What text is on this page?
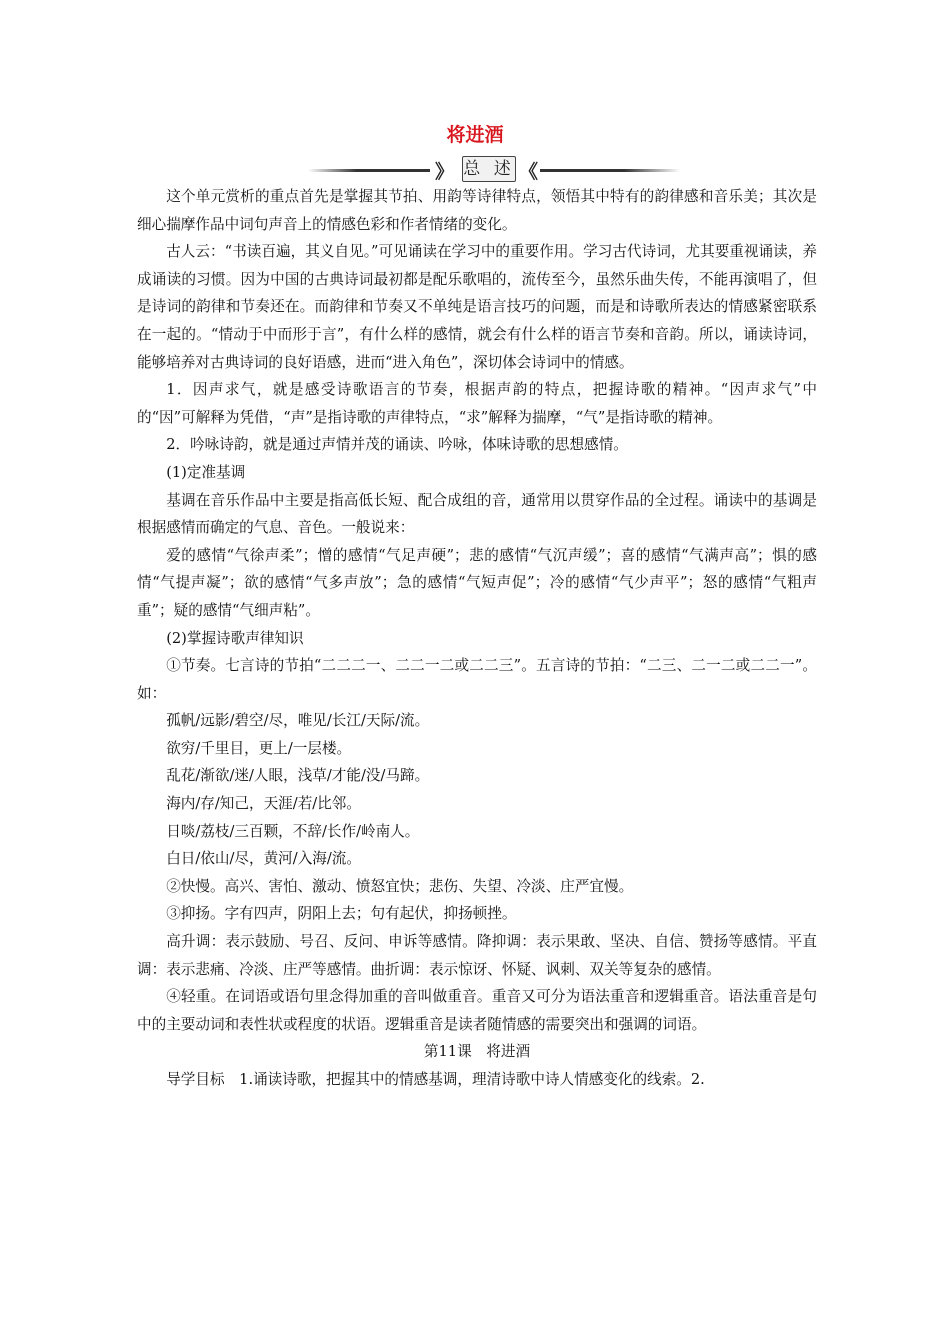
将进酒
》 总 述 《

这个单元赏析的重点首先是掌握其节拍、用韵等诗律特点，领悟其中特有的韵律感和音乐美；其次是细心揣摩作品中词句声音上的情感色彩和作者情绪的变化。

古人云：“书读百遍，其义自见。”可见诵读在学习中的重要作用。学习古代诗词，尤其要重视诵读，养成诵读的习惯。因为中国的古典诗词最初都是配乐歌唱的，流传至今，虽然乐曲失传，不能再演唱了，但是诗词的韵律和节奏还在。而韵律和节奏又不单纯是语言技巧的问题，而是和诗歌所表达的情感紧密联系在一起的。“情动于中而形于言”，有什么样的感情，就会有什么样的语言节奏和音韵。所以，诵读诗词，能够培养对古典诗词的良好语感，进而“进入角色”，深切体会诗词中的情感。

1．因声求气，就是感受诗歌语言的节奏，根据声韵的特点，把握诗歌的精神。“因声求气”中的“因”可解释为凭借，“声”是指诗歌的声律特点，“求”解释为揣摩，“气”是指诗歌的精神。

2．吟咏诗韵，就是通过声情并茂的诵读、吟咏，体味诗歌的思想感情。

(1)定准基调

基调在音乐作品中主要是指高低长短、配合成组的音，通常用以贯穿作品的全过程。诵读中的基调是根据感情而确定的气息、音色。一般说来：

爱的感情“气徐声柔”；憎的感情“气足声硬”；悲的感情“气沉声缓”；喜的感情“气满声高”；惧的感情“气提声凝”；欲的感情“气多声放”；急的感情“气短声促”；冷的感情“气少声平”；怒的感情“气粗声重”；疑的感情“气细声粘”。

(2)掌握诗歌声律知识

①节奏。七言诗的节拍“二二二一、二二一二或二二三”。五言诗的节拍：“二三、二一二或二二一”。如：

孤帆/远影/碧空/尽，唯见/长江/天际/流。

欲穷/千里目，更上/一层楼。

乱花/渐欲/迷/人眼，浅草/才能/没/马蹄。

海内/存/知己，天涯/若/比邻。

日啖/荔枝/三百颗，不辞/长作/岭南人。

白日/依山/尽，黄河/入海/流。

②快慢。高兴、害怕、激动、愤怒宜快；悲伤、失望、冷淡、庄严宜慢。

③抑扬。字有四声，阴阳上去；句有起伏，抑扬顿挫。

高升调：表示鼓励、号召、反问、申诉等感情。降抑调：表示果敢、坚决、自信、赞扬等感情。平直调：表示悲痛、冷淡、庄严等感情。曲折调：表示惊讶、怀疑、讽刺、双关等复杂的感情。

④轻重。在词语或语句里念得加重的音叫做重音。重音又可分为语法重音和逻辑重音。语法重音是句中的主要动词和表性状或程度的状语。逻辑重音是读者随情感的需要突出和强调的词语。

第11课　将进酒

导学目标　1.诵读诗歌，把握其中的情感基调，理清诗歌中诗人情感变化的线索。2.
